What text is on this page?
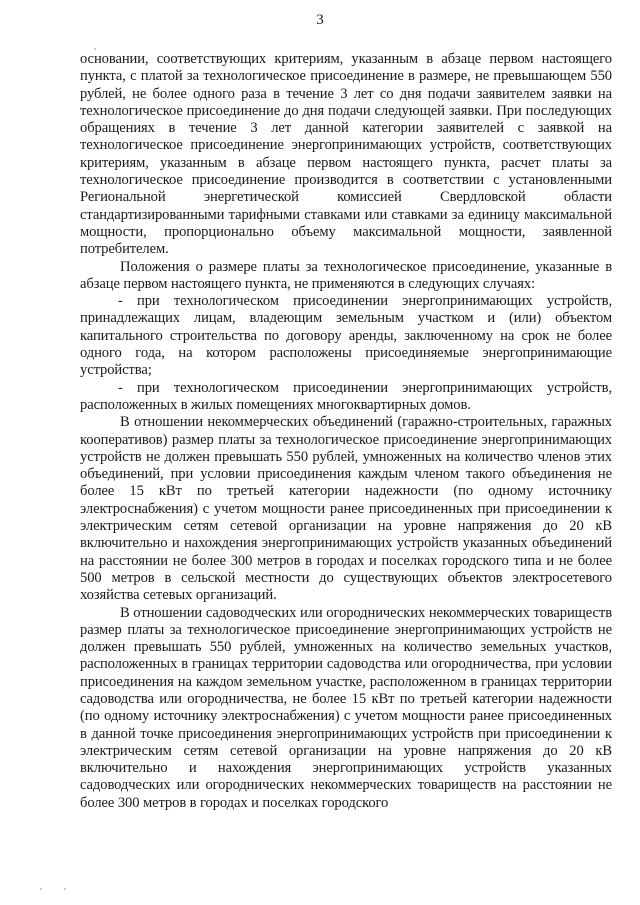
3

основании, соответствующих критериям, указанным в абзаце первом настоящего пункта, с платой за технологическое присоединение в размере, не превышающем 550 рублей, не более одного раза в течение 3 лет со дня подачи заявителем заявки на технологическое присоединение до дня подачи следующей заявки. При последующих обращениях в течение 3 лет данной категории заявителей с заявкой на технологическое присоединение энергопринимающих устройств, соответствующих критериям, указанным в абзаце первом настоящего пункта, расчет платы за технологическое присоединение производится в соответствии с установленными Региональной энергетической комиссией Свердловской области стандартизированными тарифными ставками или ставками за единицу максимальной мощности, пропорционально объему максимальной мощности, заявленной потребителем.

Положения о размере платы за технологическое присоединение, указанные в абзаце первом настоящего пункта, не применяются в следующих случаях:

- при технологическом присоединении энергопринимающих устройств, принадлежащих лицам, владеющим земельным участком и (или) объектом капитального строительства по договору аренды, заключенному на срок не более одного года, на котором расположены присоединяемые энергопринимающие устройства;

- при технологическом присоединении энергопринимающих устройств, расположенных в жилых помещениях многоквартирных домов.

В отношении некоммерческих объединений (гаражно-строительных, гаражных кооперативов) размер платы за технологическое присоединение энергопринимающих устройств не должен превышать 550 рублей, умноженных на количество членов этих объединений, при условии присоединения каждым членом такого объединения не более 15 кВт по третьей категории надежности (по одному источнику электроснабжения) с учетом мощности ранее присоединенных при присоединении к электрическим сетям сетевой организации на уровне напряжения до 20 кВ включительно и нахождения энергопринимающих устройств указанных объединений на расстоянии не более 300 метров в городах и поселках городского типа и не более 500 метров в сельской местности до существующих объектов электросетевого хозяйства сетевых организаций.

В отношении садоводческих или огороднических некоммерческих товариществ размер платы за технологическое присоединение энергопринимающих устройств не должен превышать 550 рублей, умноженных на количество земельных участков, расположенных в границах территории садоводства или огородничества, при условии присоединения на каждом земельном участке, расположенном в границах территории садоводства или огородничества, не более 15 кВт по третьей категории надежности (по одному источнику электроснабжения) с учетом мощности ранее присоединенных в данной точке присоединения энергопринимающих устройств при присоединении к электрическим сетям сетевой организации на уровне напряжения до 20 кВ включительно и нахождения энергопринимающих устройств указанных садоводческих или огороднических некоммерческих товариществ на расстоянии не более 300 метров в городах и поселках городского
